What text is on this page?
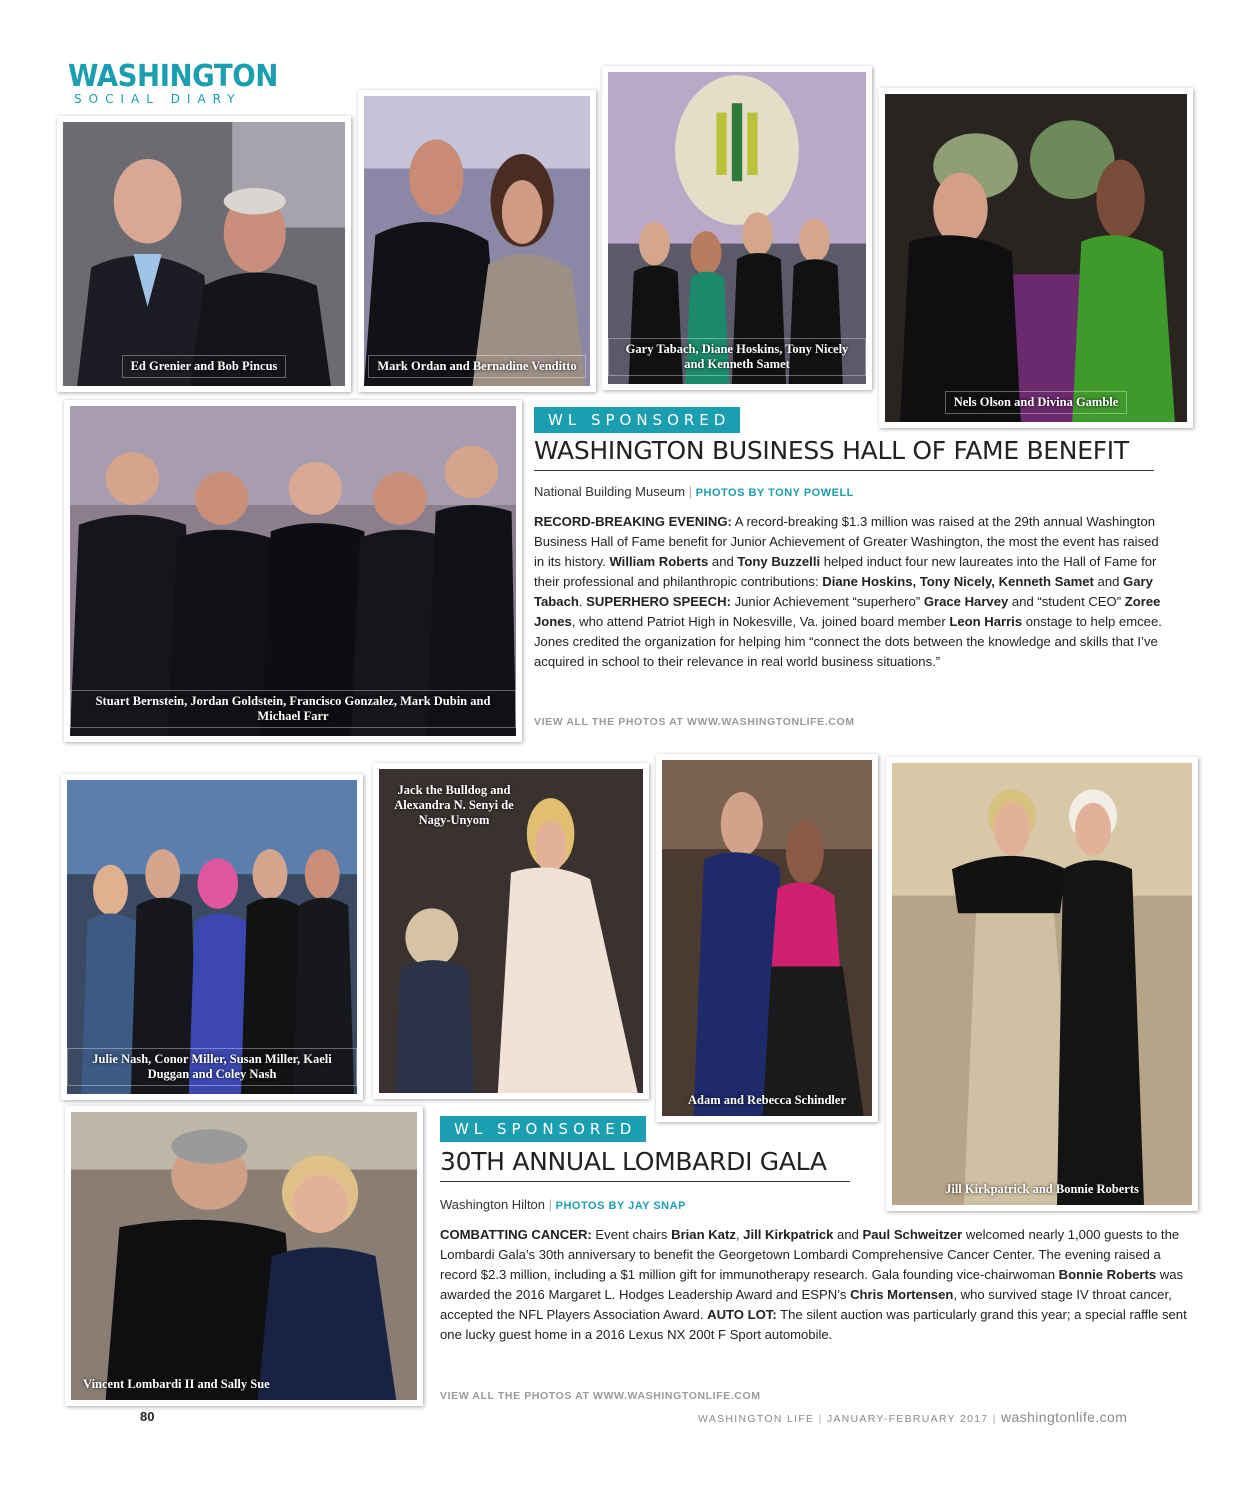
WASHINGTON
SOCIAL DIARY
Ed Grenier and Bob Pincus	Mark Ordan and Bernadine Venditto
Gary Tabach, Diane Hoskins, Tony Nicely and Kenneth Samet
Nels Olson and Divina Gamble
Stuart Bernstein, Jordan Goldstein, Francisco Gonzalez, Mark Dubin and Michael Farr
WL SPONSORED
WASHINGTON BUSINESS HALL OF FAME BENEFIT
National Building Museum | PHOTOS BY TONY POWELL
RECORD-BREAKING EVENING: A record-breaking $1.3 million was raised at the 29th annual Washington Business Hall of Fame benefit for Junior Achievement of Greater Washington, the most the event has raised in its history. William Roberts and Tony Buzzelli helped induct four new laureates into the Hall of Fame for their professional and philanthropic contributions: Diane Hoskins, Tony Nicely, Kenneth Samet and Gary Tabach. SUPERHERO SPEECH: Junior Achievement “superhero” Grace Harvey and “student CEO” Zoree Jones, who attend Patriot High in Nokesville, Va. joined board member Leon Harris onstage to help emcee. Jones credited the organization for helping him “connect the dots between the knowledge and skills that I’ve acquired in school to their relevance in real world business situations.”
VIEW ALL THE PHOTOS AT WWW.WASHINGTONLIFE.COM
Julie Nash, Conor Miller, Susan Miller, Kaeli Duggan and Coley Nash
Jack the Bulldog and Alexandra N. Senyi de Nagy-Unyom
Adam and Rebecca Schindler
Jill Kirkpatrick and Bonnie Roberts
WL SPONSORED
30TH ANNUAL LOMBARDI GALA
Washington Hilton | PHOTOS BY JAY SNAP
COMBATTING CANCER: Event chairs Brian Katz, Jill Kirkpatrick and Paul Schweitzer welcomed nearly 1,000 guests to the Lombardi Gala’s 30th anniversary to benefit the Georgetown Lombardi Comprehensive Cancer Center. The evening raised a record $2.3 million, including a $1 million gift for immunotherapy research. Gala founding vice-chairwoman Bonnie Roberts was awarded the 2016 Margaret L. Hodges Leadership Award and ESPN’s Chris Mortensen, who survived stage IV throat cancer, accepted the NFL Players Association Award. AUTO LOT: The silent auction was particularly grand this year; a special raffle sent one lucky guest home in a 2016 Lexus NX 200t F Sport automobile.
VIEW ALL THE PHOTOS AT WWW.WASHINGTONLIFE.COM
Vincent Lombardi II and Sally Sue
80	WASHINGTON LIFE | JANUARY-FEBRUARY 2017 | washingtonlife.com
